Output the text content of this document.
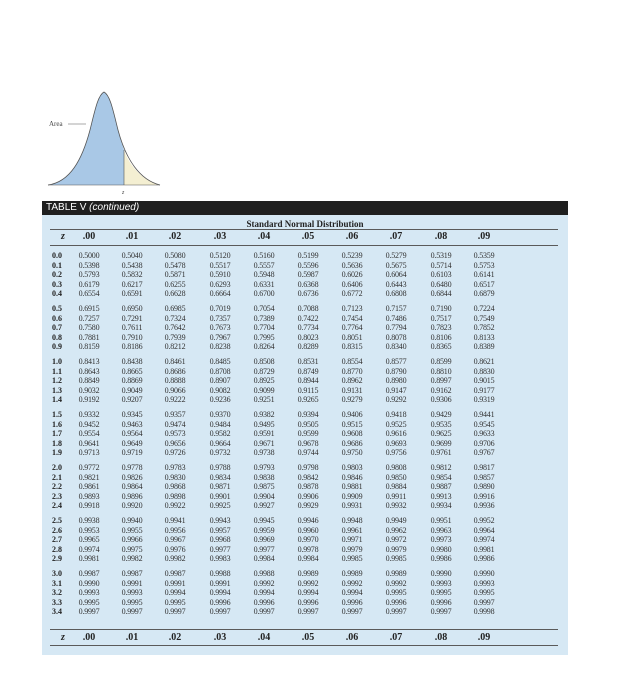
Area
z
TABLE V (continued)
Standard Normal Distribution
z .00	.01	.02	.03	.04	.05	.06	.07	.08	.09
0.0 0.5000	0.5040	0.5080	0.5120	0.5160	0.5199	0.5239	0.5279	0.5319	0.5359
0.1 0.5398	0.5438	0.5478	0.5517	0.5557	0.5596	0.5636	0.5675	0.5714	0.5753
0.2 0.5793	0.5832	0.5871	0.5910	0.5948	0.5987	0.6026	0.6064	0.6103	0.6141
0.3 0.6179	0.6217	0.6255	0.6293	0.6331	0.6368	0.6406	0.6443	0.6480	0.6517
0.4 0.6554	0.6591	0.6628	0.6664	0.6700	0.6736	0.6772	0.6808	0.6844	0.6879
0.5 0.6915	0.6950	0.6985	0.7019	0.7054	0.7088	0.7123	0.7157	0.7190	0.7224
0.6 0.7257	0.7291	0.7324	0.7357	0.7389	0.7422	0.7454	0.7486	0.7517	0.7549
0.7 0.7580	0.7611	0.7642	0.7673	0.7704	0.7734	0.7764	0.7794	0.7823	0.7852
0.8 0.7881	0.7910	0.7939	0.7967	0.7995	0.8023	0.8051	0.8078	0.8106	0.8133
0.9 0.8159	0.8186	0.8212	0.8238	0.8264	0.8289	0.8315	0.8340	0.8365	0.8389
1.0 0.8413	0.8438	0.8461	0.8485	0.8508	0.8531	0.8554	0.8577	0.8599	0.8621
1.1 0.8643	0.8665	0.8686	0.8708	0.8729	0.8749	0.8770	0.8790	0.8810	0.8830
1.2 0.8849	0.8869	0.8888	0.8907	0.8925	0.8944	0.8962	0.8980	0.8997	0.9015
1.3 0.9032	0.9049	0.9066	0.9082	0.9099	0.9115	0.9131	0.9147	0.9162	0.9177
1.4 0.9192	0.9207	0.9222	0.9236	0.9251	0.9265	0.9279	0.9292	0.9306	0.9319
1.5 0.9332	0.9345	0.9357	0.9370	0.9382	0.9394	0.9406	0.9418	0.9429	0.9441
1.6 0.9452	0.9463	0.9474	0.9484	0.9495	0.9505	0.9515	0.9525	0.9535	0.9545
1.7 0.9554	0.9564	0.9573	0.9582	0.9591	0.9599	0.9608	0.9616	0.9625	0.9633
1.8 0.9641	0.9649	0.9656	0.9664	0.9671	0.9678	0.9686	0.9693	0.9699	0.9706
1.9 0.9713	0.9719	0.9726	0.9732	0.9738	0.9744	0.9750	0.9756	0.9761	0.9767
2.0 0.9772	0.9778	0.9783	0.9788	0.9793	0.9798	0.9803	0.9808	0.9812	0.9817
2.1 0.9821	0.9826	0.9830	0.9834	0.9838	0.9842	0.9846	0.9850	0.9854	0.9857
2.2 0.9861	0.9864	0.9868	0.9871	0.9875	0.9878	0.9881	0.9884	0.9887	0.9890
2.3 0.9893	0.9896	0.9898	0.9901	0.9904	0.9906	0.9909	0.9911	0.9913	0.9916
2.4 0.9918	0.9920	0.9922	0.9925	0.9927	0.9929	0.9931	0.9932	0.9934	0.9936
2.5 0.9938	0.9940	0.9941	0.9943	0.9945	0.9946	0.9948	0.9949	0.9951	0.9952
2.6 0.9953	0.9955	0.9956	0.9957	0.9959	0.9960	0.9961	0.9962	0.9963	0.9964
2.7 0.9965	0.9966	0.9967	0.9968	0.9969	0.9970	0.9971	0.9972	0.9973	0.9974
2.8 0.9974	0.9975	0.9976	0.9977	0.9977	0.9978	0.9979	0.9979	0.9980	0.9981
2.9 0.9981	0.9982	0.9982	0.9983	0.9984	0.9984	0.9985	0.9985	0.9986	0.9986
3.0 0.9987	0.9987	0.9987	0.9988	0.9988	0.9989	0.9989	0.9989	0.9990	0.9990
3.1 0.9990	0.9991	0.9991	0.9991	0.9992	0.9992	0.9992	0.9992	0.9993	0.9993
3.2 0.9993	0.9993	0.9994	0.9994	0.9994	0.9994	0.9994	0.9995	0.9995	0.9995
3.3 0.9995	0.9995	0.9995	0.9996	0.9996	0.9996	0.9996	0.9996	0.9996	0.9997
3.4 0.9997	0.9997	0.9997	0.9997	0.9997	0.9997	0.9997	0.9997	0.9997	0.9998
z .00	.01	.02	.03	.04	.05	.06	.07	.08	.09
